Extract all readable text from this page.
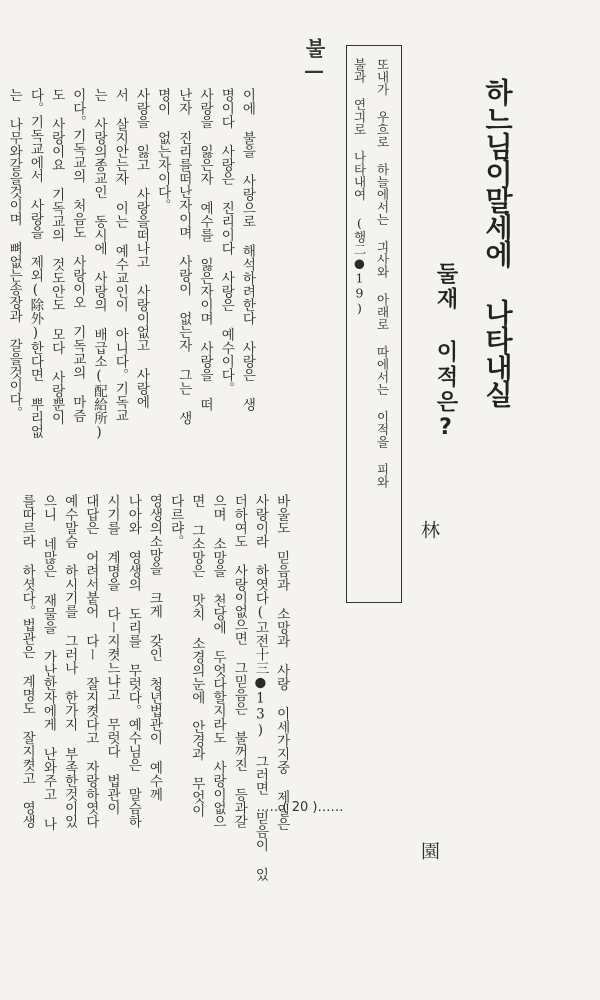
하느님이말세에 나타내실
둘재 이적은?
林 園
또내가 우흐로 하늘에서는 긔사와 아래로 따에서는 이적을 피와
불과 연긔로 나타내여 (행二●19)
불—
이에 불을 사랑으로 해석하려한다 사랑은 생
명이다 사랑은 진리이다 사랑은 예수이다。
사랑을 잃은자 예수를 잃은자이며 사랑을 떠
난자 진리를떠난자이며 사랑이 없는자 그는 생
명이 없는자이다。
사랑을 잃고 사랑을떠나고 사랑이없고 사랑에
서 살지안는자 이는 예수교인이 아니다。기독교
는 사랑의종교인 동시에 사랑의 배급소(配給所)
이다。기독교의 처음도 사랑이오 기독교의 마즘
도 사랑이요 기독교의 것도안도 모다 사랑뿐이
다。기독교에서 사랑을 제외(除外)한다면 뿌리없
는 나무와갈을것이며 뼈없는송장과 갈을것이다。
바울도 믿음과 소망과 사랑 이세가지중 제일은
사랑이라 하엿다(고전十三●13) 그러면 믿음이 있
더하여도 사랑이없으면 그믿음은 불꺼진 등과갈
으며 소망을 천당에 두엇다할지라도 사랑이없으
면 그소망은 맛치 소경의눈에 안경과 무엇이
다르랴。
영생의소망을 크게 갖인 청년법관이 예수께
나아와 영생의 도리를 무럿다。예수님은 말슴하
시기를 계명을 다ー지켯느냐고 무럿다 법관이
대답은 어려서붙어 다ー 잘지켯다고 자랑하엿다
예수말슴 하시기를 그러나 한가지 부족한것이있
으니 네많은 재물을 가난한자에게 난와주고 나
를따르라 하셧다。법관은 계명도 잘지켯고 영생	……( 20 )……
